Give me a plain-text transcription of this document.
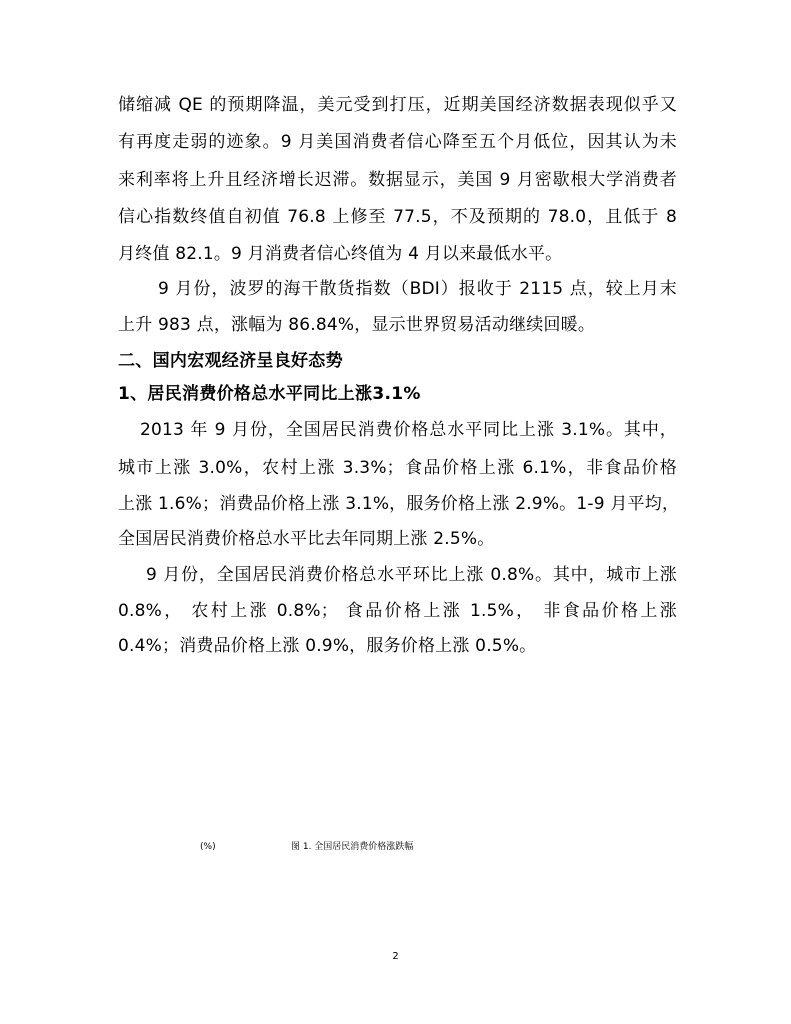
储缩减 QE 的预期降温，美元受到打压，近期美国经济数据表现似乎又
有再度走弱的迹象。9 月美国消费者信心降至五个月低位，因其认为未
来利率将上升且经济增长迟滞。数据显示，美国 9 月密歇根大学消费者
信心指数终值自初值 76.8 上修至 77.5，不及预期的 78.0，且低于 8
月终值 82.1。9 月消费者信心终值为 4 月以来最低水平。
9 月份，波罗的海干散货指数（BDI）报收于 2115 点，较上月末
上升 983 点，涨幅为 86.84%，显示世界贸易活动继续回暖。
二、国内宏观经济呈良好态势
1、居民消费价格总水平同比上涨3.1%
2013 年 9 月份，全国居民消费价格总水平同比上涨 3.1%。其中，
城市上涨 3.0%，农村上涨 3.3%；食品价格上涨 6.1%，非食品价格
上涨 1.6%；消费品价格上涨 3.1%，服务价格上涨 2.9%。1-9 月平均，
全国居民消费价格总水平比去年同期上涨 2.5%。
9 月份，全国居民消费价格总水平环比上涨 0.8%。其中，城市上涨
0.8%， 农村上涨 0.8%； 食品价格上涨 1.5%， 非食品价格上涨
0.4%；消费品价格上涨 0.9%，服务价格上涨 0.5%。
(%)	图 1. 全国居民消费价格涨跌幅
2
